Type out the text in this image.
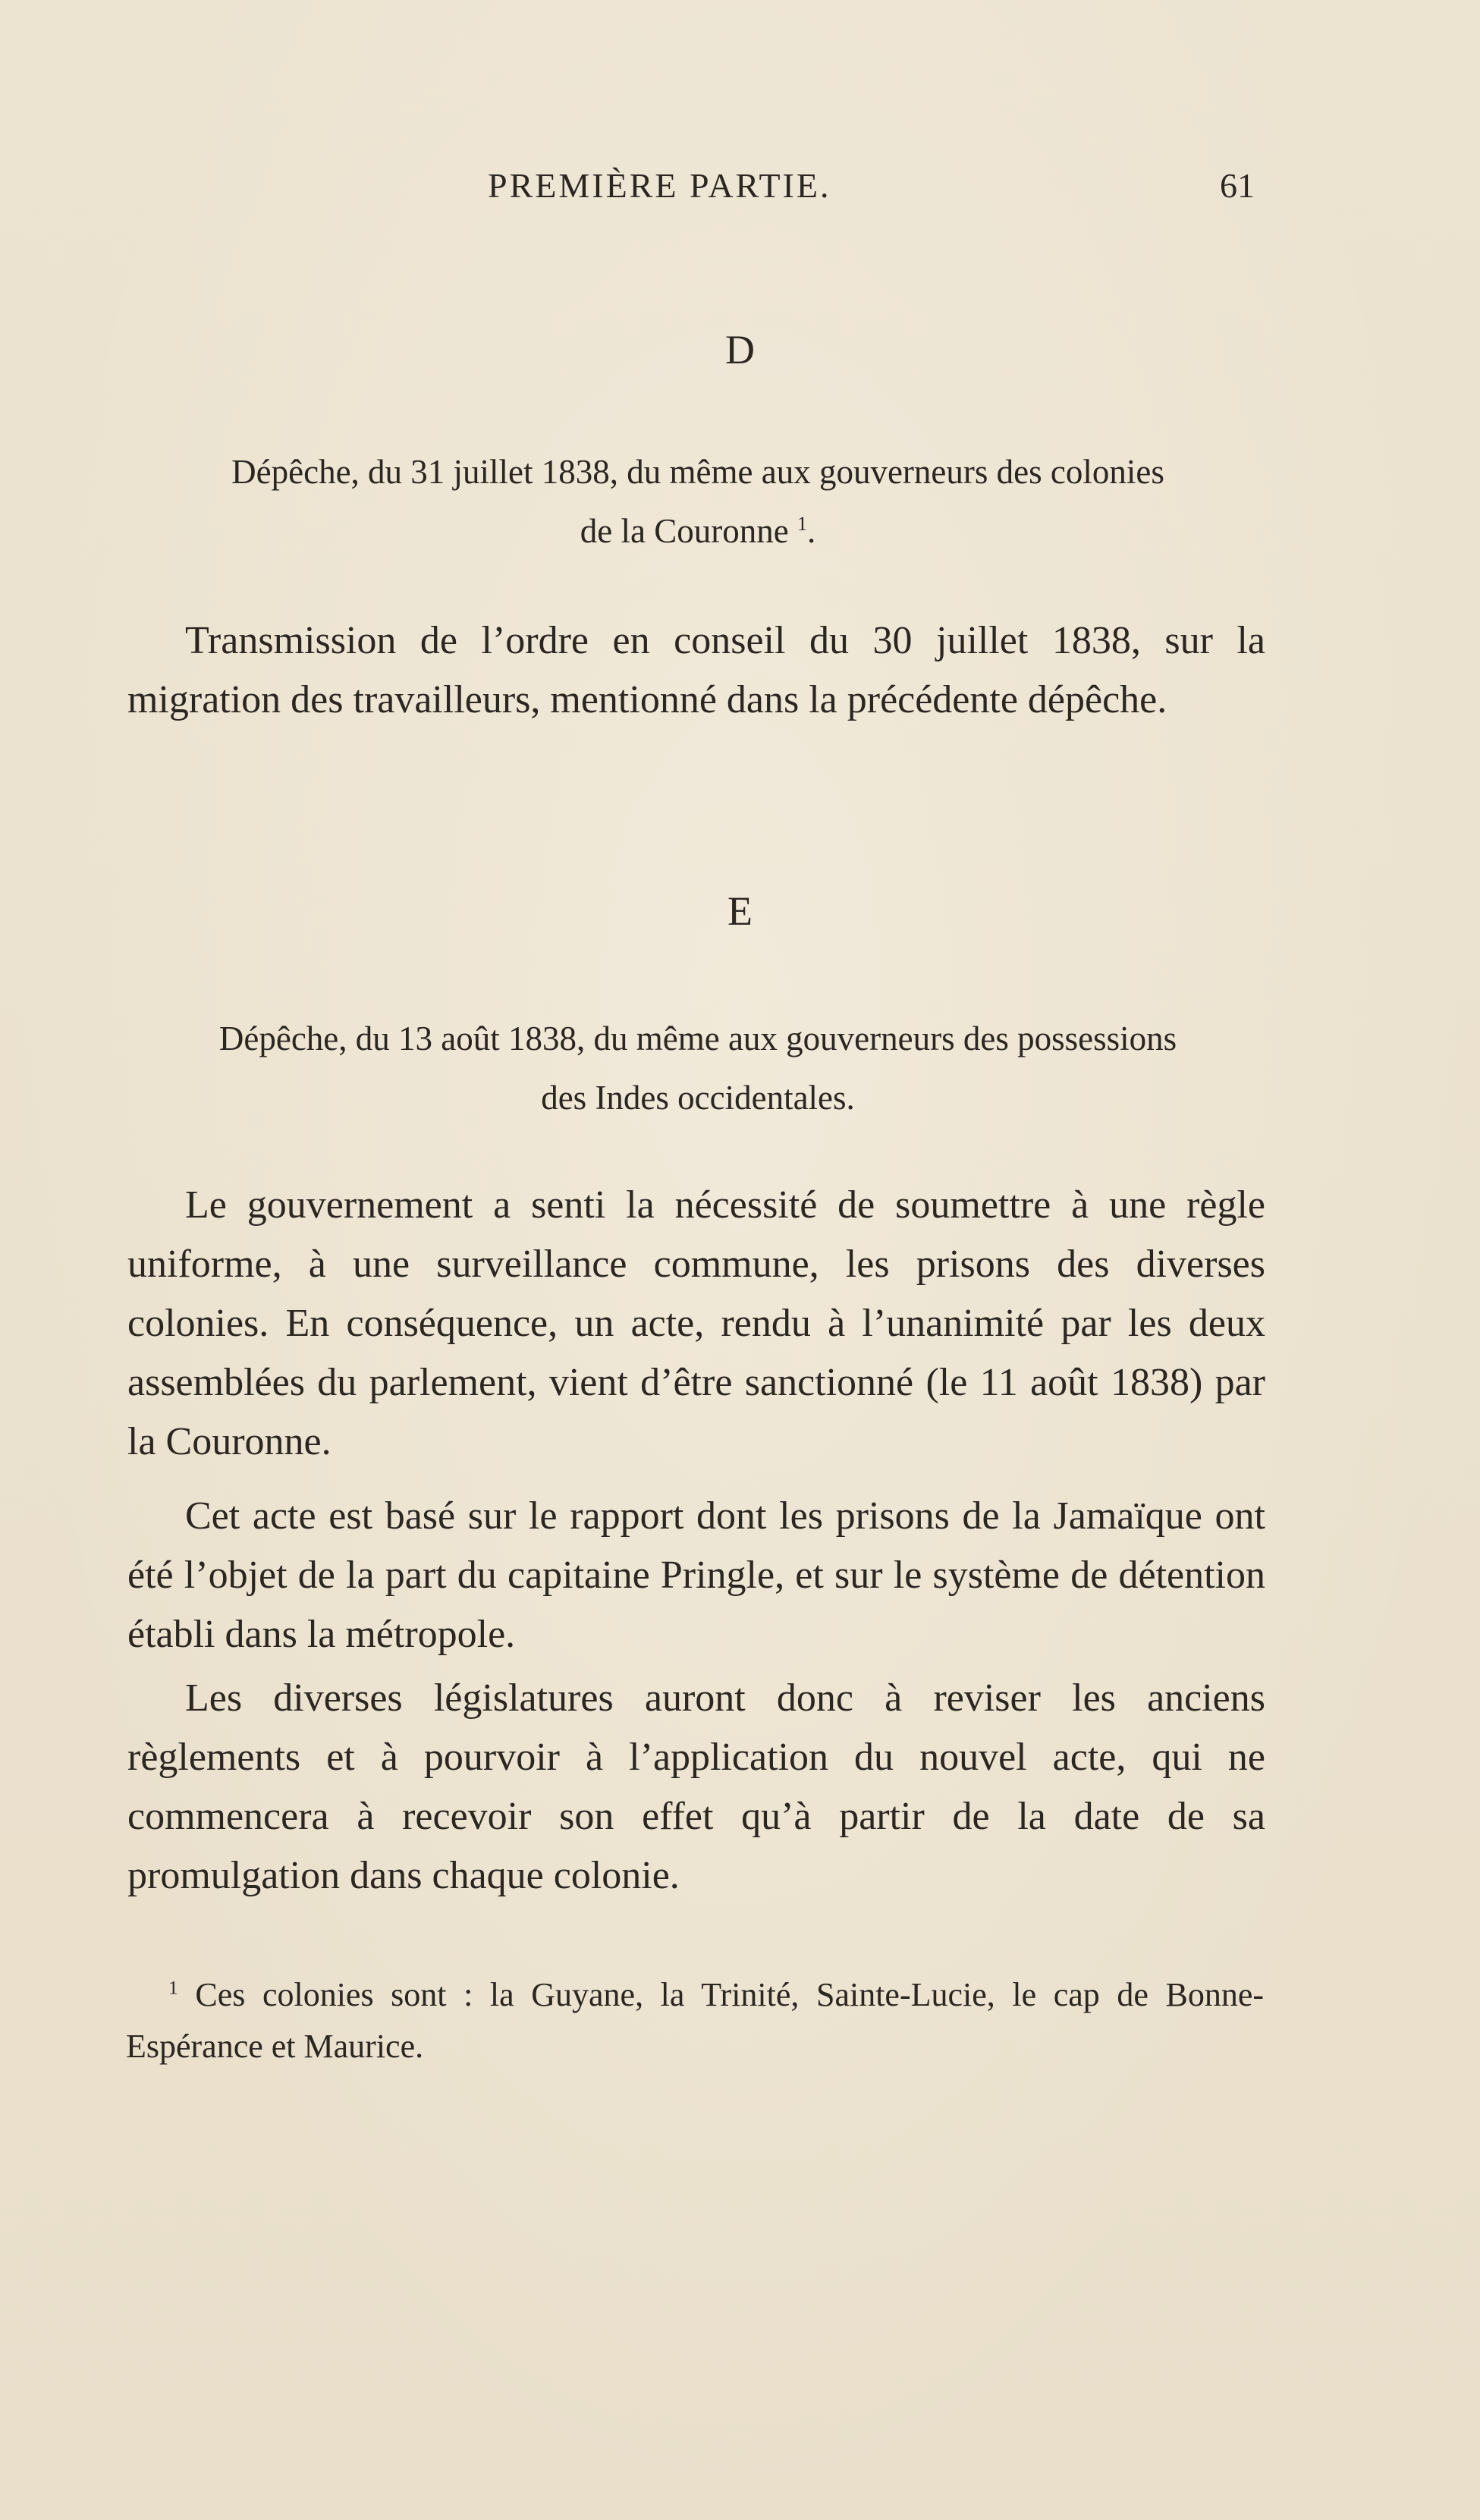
PREMIÈRE PARTIE.	61
D
Dépêche, du 31 juillet 1838, du même aux gouverneurs des colonies
de la Couronne $^1$.

Transmission de l’ordre en conseil du 30 juillet 1838, sur la migration des travailleurs, mentionné dans la précédente dépêche.

E
Dépêche, du 13 août 1838, du même aux gouverneurs des possessions
des Indes occidentales.

Le gouvernement a senti la nécessité de soumettre à une règle uniforme, à une surveillance commune, les prisons des diverses colonies. En conséquence, un acte, rendu à l’unanimité par les deux assemblées du parlement, vient d’être sanctionné (le 11 août 1838) par la Couronne.

Cet acte est basé sur le rapport dont les prisons de la Jamaïque ont été l’objet de la part du capitaine Pringle, et sur le système de détention établi dans la métropole.

Les diverses législatures auront donc à reviser les anciens règlements et à pourvoir à l’application du nouvel acte, qui ne commencera à recevoir son effet qu’à partir de la date de sa promulgation dans chaque colonie.

$^1$ Ces colonies sont : la Guyane, la Trinité, Sainte-Lucie, le cap de Bonne-Espérance et Maurice.
